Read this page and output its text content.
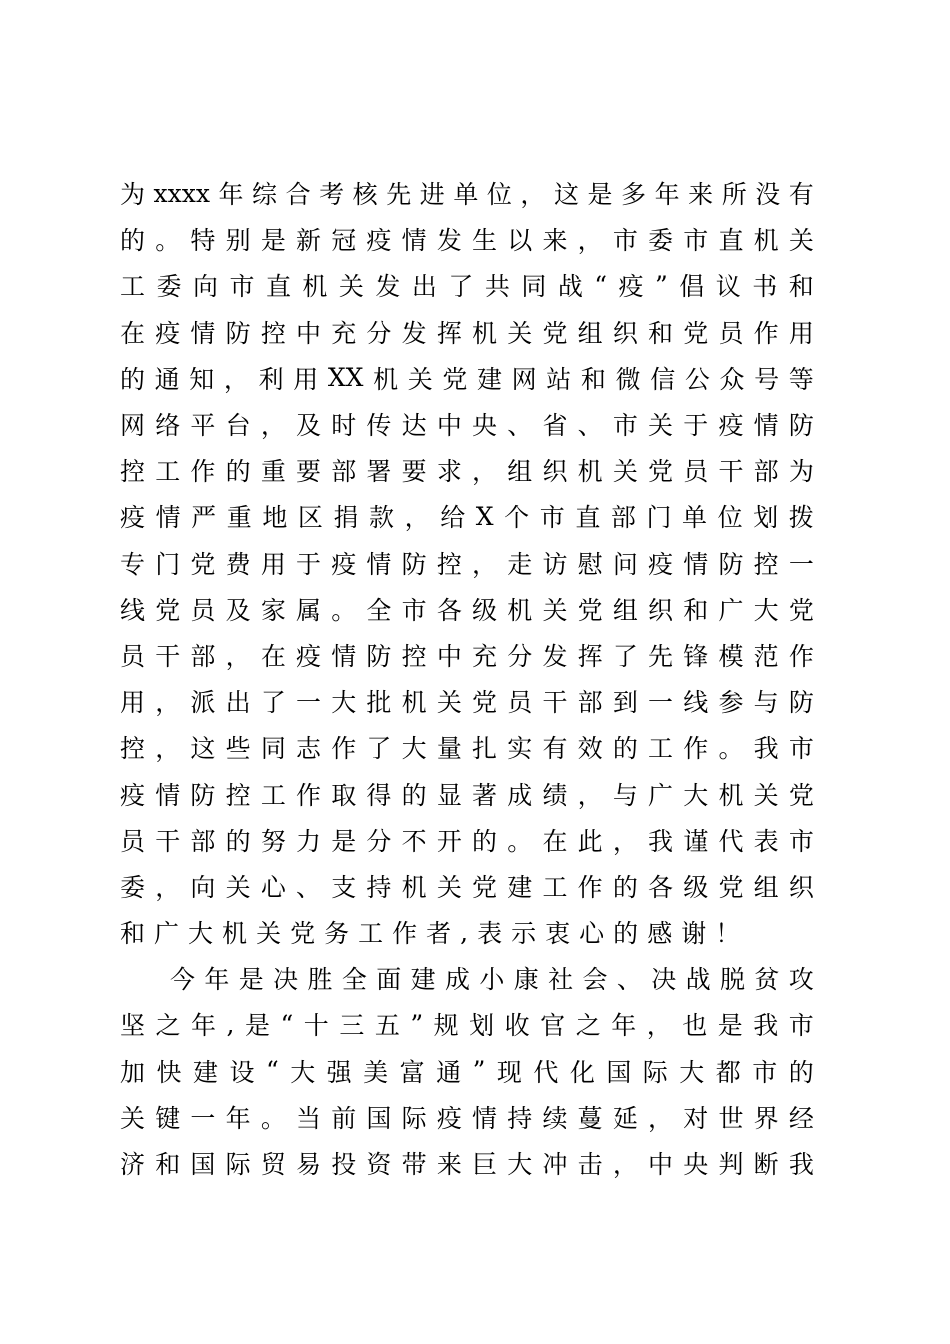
为 xxxx 年 综 合 考 核 先 进 单 位 ， 这 是 多 年 来 所 没 有
的 。 特 别 是 新 冠 疫 情 发 生 以 来 ， 市 委 市 直 机 关
工 委 向 市 直 机 关 发 出 了 共 同 战 “ 疫 ” 倡 议 书 和
在 疫 情 防 控 中 充 分 发 挥 机 关 党 组 织 和 党 员 作 用
的 通 知 ， 利 用 XX 机 关 党 建 网 站 和 微 信 公 众 号 等
网 络 平 台 ， 及 时 传 达 中 央 、 省 、 市 关 于 疫 情 防
控 工 作 的 重 要 部 署 要 求 ， 组 织 机 关 党 员 干 部 为
疫 情 严 重 地 区 捐 款 ， 给 X 个 市 直 部 门 单 位 划 拨
专 门 党 费 用 于 疫 情 防 控 ， 走 访 慰 问 疫 情 防 控 一
线 党 员 及 家 属 。 全 市 各 级 机 关 党 组 织 和 广 大 党
员 干 部 ， 在 疫 情 防 控 中 充 分 发 挥 了 先 锋 模 范 作
用 ， 派 出 了 一 大 批 机 关 党 员 干 部 到 一 线 参 与 防
控 ， 这 些 同 志 作 了 大 量 扎 实 有 效 的 工 作 。 我 市
疫 情 防 控 工 作 取 得 的 显 著 成 绩 ， 与 广 大 机 关 党
员 干 部 的 努 力 是 分 不 开 的 。 在 此 ， 我 谨 代 表 市
委 ， 向 关 心 、 支 持 机 关 党 建 工 作 的 各 级 党 组 织
和 广 大 机 关 党 务 工 作 者 , 表 示 衷 心 的 感 谢 ！
今 年 是 决 胜 全 面 建 成 小 康 社 会 、 决 战 脱 贫 攻
坚 之 年 , 是 “ 十 三 五 ” 规 划 收 官 之 年 ， 也 是 我 市
加 快 建 设 “ 大 强 美 富 通 ” 现 代 化 国 际 大 都 市 的
关 键 一 年 。 当 前 国 际 疫 情 持 续 蔓 延 ， 对 世 界 经
济 和 国 际 贸 易 投 资 带 来 巨 大 冲 击 ， 中 央 判 断 我
